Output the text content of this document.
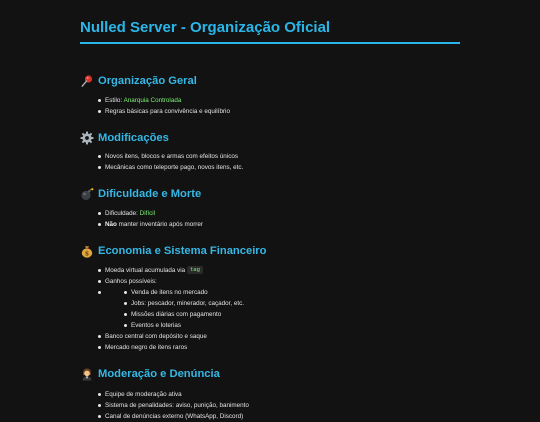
Nulled Server - Organização Oficial
Organização Geral
Estilo: Anarquia Controlada
Regras básicas para convivência e equilíbrio
Modificações
Novos itens, blocos e armas com efeitos únicos
Mecânicas como teleporte pago, novos itens, etc.
Dificuldade e Morte
Dificuldade: Difícil
Não manter inventário após morrer
$ Economia e Sistema Financeiro
Moeda virtual acumulada via tag
Ganhos possíveis:
Venda de itens no mercado
Jobs: pescador, minerador, caçador, etc.
Missões diárias com pagamento
Eventos e loterias
Banco central com depósito e saque
Mercado negro de itens raros
Moderação e Denúncia
Equipe de moderação ativa
Sistema de penalidades: aviso, punição, banimento
Canal de denúncias externo (WhatsApp, Discord)
